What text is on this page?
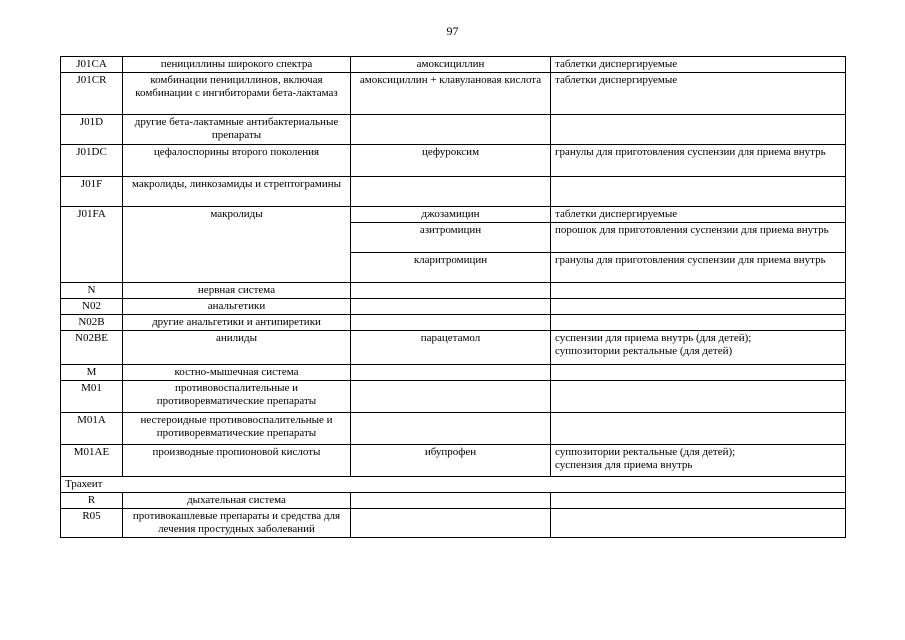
97
J01CA	пенициллины широкого спектра	амоксициллин	таблетки диспергируемые
J01CR	комбинации пенициллинов, включая комбинации с ингибиторами бета-лактамаз	амоксициллин + клавулановая кислота	таблетки диспергируемые
J01D	другие бета-лактамные антибактериальные препараты		
J01DC	цефалоспорины второго поколения	цефуроксим	гранулы для приготовления суспензии для приема внутрь
J01F	макролиды, линкозамиды и стрептограмины		
J01FA	макролиды	джозамицин	таблетки диспергируемые
		азитромицин	порошок для приготовления суспензии для приема внутрь
		кларитромицин	гранулы для приготовления суспензии для приема внутрь
N	нервная система		
N02	анальгетики		
N02B	другие анальгетики и антипиретики		
N02BE	анилиды	парацетамол	суспензии для приема внутрь (для детей);
суппозитории ректальные (для детей)

M	костно-мышечная система		
M01	противовоспалительные и противоревматические препараты		
M01A	нестероидные противовоспалительные и противоревматические препараты		
M01AE	производные пропионовой кислоты	ибупрофен	суппозитории ректальные (для детей);
суспензия для приема внутрь

Трахеит			
R	дыхательная система		
R05	противокашлевые препараты и средства для лечения простудных заболеваний		
